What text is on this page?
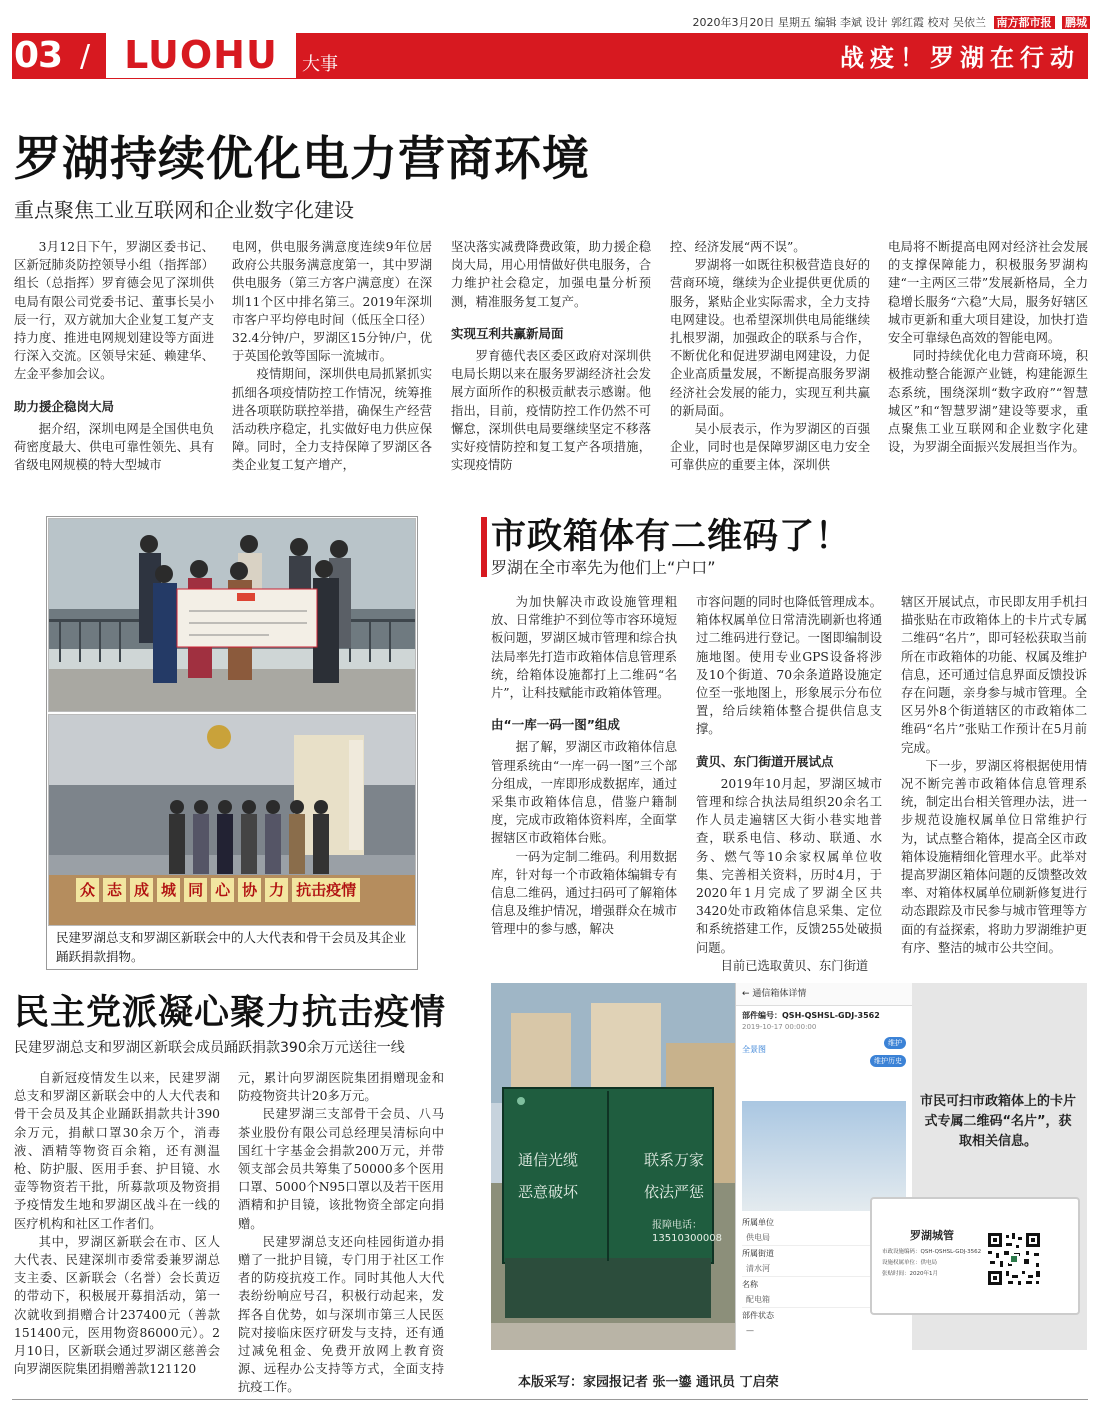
2020年3月20日 星期五 编辑 李斌 设计 郭红霞 校对 吴依兰 南方都市报 鹏城
03 / LUOHU	大事	战疫！罗湖在行动
罗湖持续优化电力营商环境
重点聚焦工业互联网和企业数字化建设

3月12日下午，罗湖区委书记、区新冠肺炎防控领导小组（指挥部）组长（总指挥）罗育德会见了深圳供电局有限公司党委书记、董事长吴小辰一行，双方就加大企业复工复产支持力度、推进电网规划建设等方面进行深入交流。区领导宋延、赖建华、左金平参加会议。

助力援企稳岗大局

据介绍，深圳电网是全国供电负荷密度最大、供电可靠性领先、具有省级电网规模的特大型城市

电网，供电服务满意度连续9年位居政府公共服务满意度第一，其中罗湖供电服务（第三方客户满意度）在深圳11个区中排名第三。2019年深圳市客户平均停电时间（低压全口径）32.4分钟/户，罗湖区15分钟/户，优于英国伦敦等国际一流城市。

疫情期间，深圳供电局抓紧抓实抓细各项疫情防控工作情况，统筹推进各项联防联控举措，确保生产经营活动秩序稳定，扎实做好电力供应保障。同时，全力支持保障了罗湖区各类企业复工复产增产，

坚决落实减费降费政策，助力援企稳岗大局，用心用情做好供电服务，合力维护社会稳定，加强电量分析预测，精准服务复工复产。

实现互利共赢新局面

罗育德代表区委区政府对深圳供电局长期以来在服务罗湖经济社会发展方面所作的积极贡献表示感谢。他指出，目前，疫情防控工作仍然不可懈怠，深圳供电局要继续坚定不移落实好疫情防控和复工复产各项措施，实现疫情防

控、经济发展“两不误”。

罗湖将一如既往积极营造良好的营商环境，继续为企业提供更优质的服务，紧贴企业实际需求，全力支持电网建设。也希望深圳供电局能继续扎根罗湖，加强政企的联系与合作，不断优化和促进罗湖电网建设，力促企业高质量发展，不断提高服务罗湖经济社会发展的能力，实现互利共赢的新局面。

吴小辰表示，作为罗湖区的百强企业，同时也是保障罗湖区电力安全可靠供应的重要主体，深圳供

电局将不断提高电网对经济社会发展的支撑保障能力，积极服务罗湖构建“一主两区三带”发展新格局，全力稳增长服务“六稳”大局，服务好辖区城市更新和重大项目建设，加快打造安全可靠绿色高效的智能电网。

同时持续优化电力营商环境，积极推动整合能源产业链，构建能源生态系统，围绕深圳“数字政府”“智慧城区”和“智慧罗湖”建设等要求，重点聚焦工业互联网和企业数字化建设，为罗湖全面振兴发展担当作为。

众 志 成 城 同 心 协 力 抗击疫情
民建罗湖总支和罗湖区新联会中的人大代表和骨干会员及其企业踊跃捐款捐物。
市政箱体有二维码了！
罗湖在全市率先为他们上“户口”

为加快解决市政设施管理粗放、日常维护不到位等市容环境短板问题，罗湖区城市管理和综合执法局率先打造市政箱体信息管理系统，给箱体设施都打上二维码“名片”，让科技赋能市政箱体管理。

由“一库一码一图”组成

据了解，罗湖区市政箱体信息管理系统由“一库一码一图”三个部分组成，一库即形成数据库，通过采集市政箱体信息，借鉴户籍制度，完成市政箱体资料库，全面掌握辖区市政箱体台账。

一码为定制二维码。利用数据库，针对每一个市政箱体编辑专有信息二维码，通过扫码可了解箱体信息及维护情况，增强群众在城市管理中的参与感，解决

市容问题的同时也降低管理成本。箱体权属单位日常清洗刷新也将通过二维码进行登记。一图即编制设施地图。使用专业GPS设备将涉及10个街道、70余条道路设施定位至一张地图上，形象展示分布位置，给后续箱体整合提供信息支撑。

黄贝、东门街道开展试点

2019年10月起，罗湖区城市管理和综合执法局组织20余名工作人员走遍辖区大街小巷实地普查，联系电信、移动、联通、水务、燃气等10余家权属单位收集、完善相关资料，历时4月，于2020年1月完成了罗湖全区共3420处市政箱体信息采集、定位和系统搭建工作，反馈255处破损问题。

目前已选取黄贝、东门街道

辖区开展试点，市民即友用手机扫描张贴在市政箱体上的卡片式专属二维码“名片”，即可轻松获取当前所在市政箱体的功能、权属及维护信息，还可通过信息界面反馈投诉存在问题，亲身参与城市管理。全区另外8个街道辖区的市政箱体二维码“名片”张贴工作预计在5月前完成。

下一步，罗湖区将根据使用情况不断完善市政箱体信息管理系统，制定出台相关管理办法，进一步规范设施权属单位日常维护行为，试点整合箱体，提高全区市政箱体设施精细化管理水平。此举对提高罗湖区箱体问题的反馈整改效率、对箱体权属单位刷新修复进行动态跟踪及市民参与城市管理等方面的有益探索，将助力罗湖维护更有序、整洁的城市公共空间。

通信光缆
恶意破坏
联系万家
依法严惩
报障电话：
13510300008
← 通信箱体详情
部件编号：QSH-QSHSL-GDJ-3562
2019-10-17 00:00:00
全景图
维护
维护历史
所属单位
供电局
所属街道
清水河
名称
配电箱
部件状态
—
市民可扫市政箱体上的卡片式专属二维码“名片”，获取相关信息。
罗湖城管
市政设施编码：QSH-QSHSL-GDJ-3562
设施权属单位：供电局
张贴时间：2020年1月
民主党派凝心聚力抗击疫情
民建罗湖总支和罗湖区新联会成员踊跃捐款390余万元送往一线

自新冠疫情发生以来，民建罗湖总支和罗湖区新联会中的人大代表和骨干会员及其企业踊跃捐款共计390余万元，捐献口罩30余万个，消毒液、酒精等物资百余箱，还有测温枪、防护服、医用手套、护目镜、水壶等物资若干批，所募款项及物资捐予疫情发生地和罗湖区战斗在一线的医疗机构和社区工作者们。

其中，罗湖区新联会在市、区人大代表、民建深圳市委常委兼罗湖总支主委、区新联会（名誉）会长黄迈的带动下，积极展开募捐活动，第一次就收到捐赠合计237400元（善款151400元，医用物资86000元）。2月10日，区新联会通过罗湖区慈善会向罗湖医院集团捐赠善款121120

元，累计向罗湖医院集团捐赠现金和防疫物资共计20多万元。

民建罗湖三支部骨干会员、八马茶业股份有限公司总经理吴清标向中国红十字基金会捐款200万元，并带领支部会员共筹集了50000多个医用口罩、5000个N95口罩以及若干医用酒精和护目镜，该批物资全部定向捐赠。

民建罗湖总支还向桂园街道办捐赠了一批护目镜，专门用于社区工作者的防疫抗疫工作。同时其他人大代表纷纷响应号召，积极行动起来，发挥各自优势，如与深圳市第三人民医院对接临床医疗研发与支持，还有通过减免租金、免费开放网上教育资源、远程办公支持等方式，全面支持抗疫工作。	本版采写：家园报记者 张一鎏 通讯员 丁启荣
